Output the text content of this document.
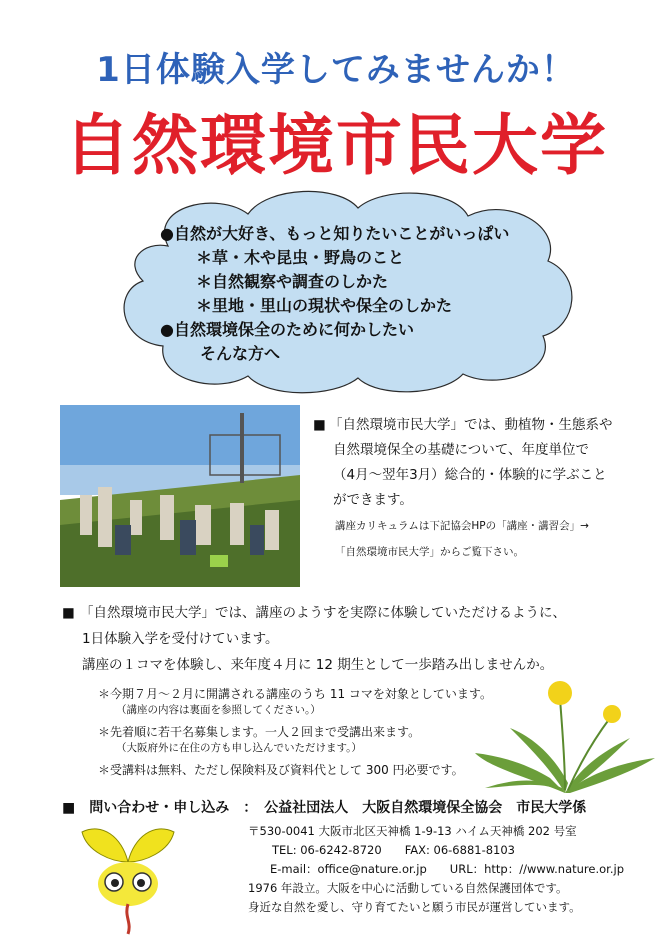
1日体験入学してみませんか！
自然環境市民大学
●自然が大好き、もっと知りたいことがいっぱい
＊草・木や昆虫・野鳥のこと
＊自然観察や調査のしかた
＊里地・里山の現状や保全のしかた
●自然環境保全のために何かしたい
そんな方へ
■ 「自然環境市民大学」では、動植物・生態系や
自然環境保全の基礎について、年度単位で
（4月～翌年3月）総合的・体験的に学ぶこと
ができます。
講座カリキュラムは下記協会HPの「講座・講習会」→
「自然環境市民大学」からご覧下さい。
■ 「自然環境市民大学」では、講座のようすを実際に体験していただけるように、
1日体験入学を受付けています。
講座の１コマを体験し、来年度４月に 12 期生として一歩踏み出しませんか。
＊今期７月～２月に開講される講座のうち 11 コマを対象としています。
（講座の内容は裏面を参照してください。）
＊先着順に若干名募集します。一人２回まで受講出来ます。
（大阪府外に在住の方も申し込んでいただけます。）
＊受講料は無料、ただし保険料及び資料代として 300 円必要です。
■　問い合わせ・申し込み　：　公益社団法人　大阪自然環境保全協会　市民大学係
〒530-0041 大阪市北区天神橋 1-9-13 ハイム天神橋 202 号室
TEL: 06-6242-8720　　FAX: 06-6881-8103
E-mail：office@nature.or.jp　　URL：http：//www.nature.or.jp
1976 年設立。大阪を中心に活動している自然保護団体です。
身近な自然を愛し、守り育てたいと願う市民が運営しています。
